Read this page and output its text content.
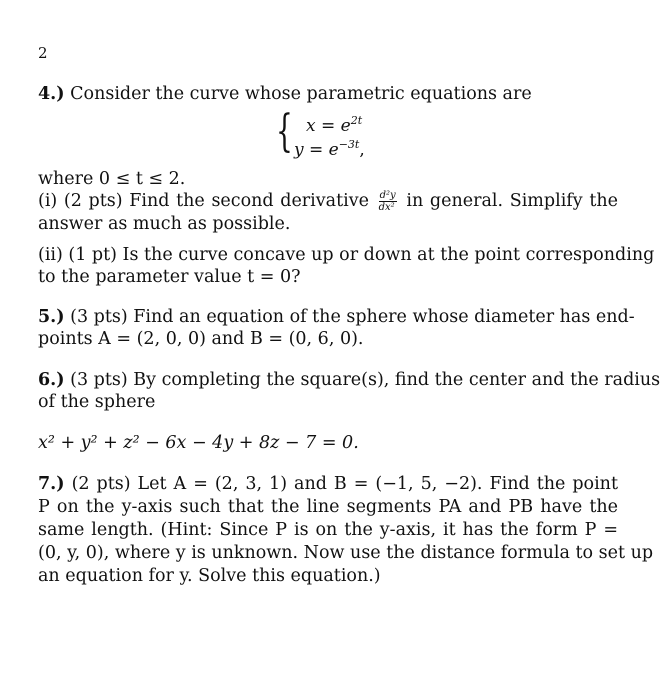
2
4.) Consider the curve whose parametric equations are
{ $x = e^{2t}$
$y = e^{-3t}$,
where 0 ≤ t ≤ 2.
(i) (2 pts) Find the second derivative $\frac{\text{d²y}}{\text{dx²}}$ in general. Simplify the
answer as much as possible.
(ii) (1 pt) Is the curve concave up or down at the point corresponding
to the parameter value t = 0?
5.) (3 pts) Find an equation of the sphere whose diameter has end-
points A = (2, 0, 0) and B = (0, 6, 0).
6.) (3 pts) By completing the square(s), find the center and the radius
of the sphere
x² + y² + z² − 6x − 4y + 8z − 7 = 0.
7.) (2 pts) Let A = (2, 3, 1) and B = (−1, 5, −2). Find the point
P on the y-axis such that the line segments PA and PB have the
same length. (Hint: Since P is on the y-axis, it has the form P =
(0, y, 0), where y is unknown. Now use the distance formula to set up
an equation for y. Solve this equation.)
